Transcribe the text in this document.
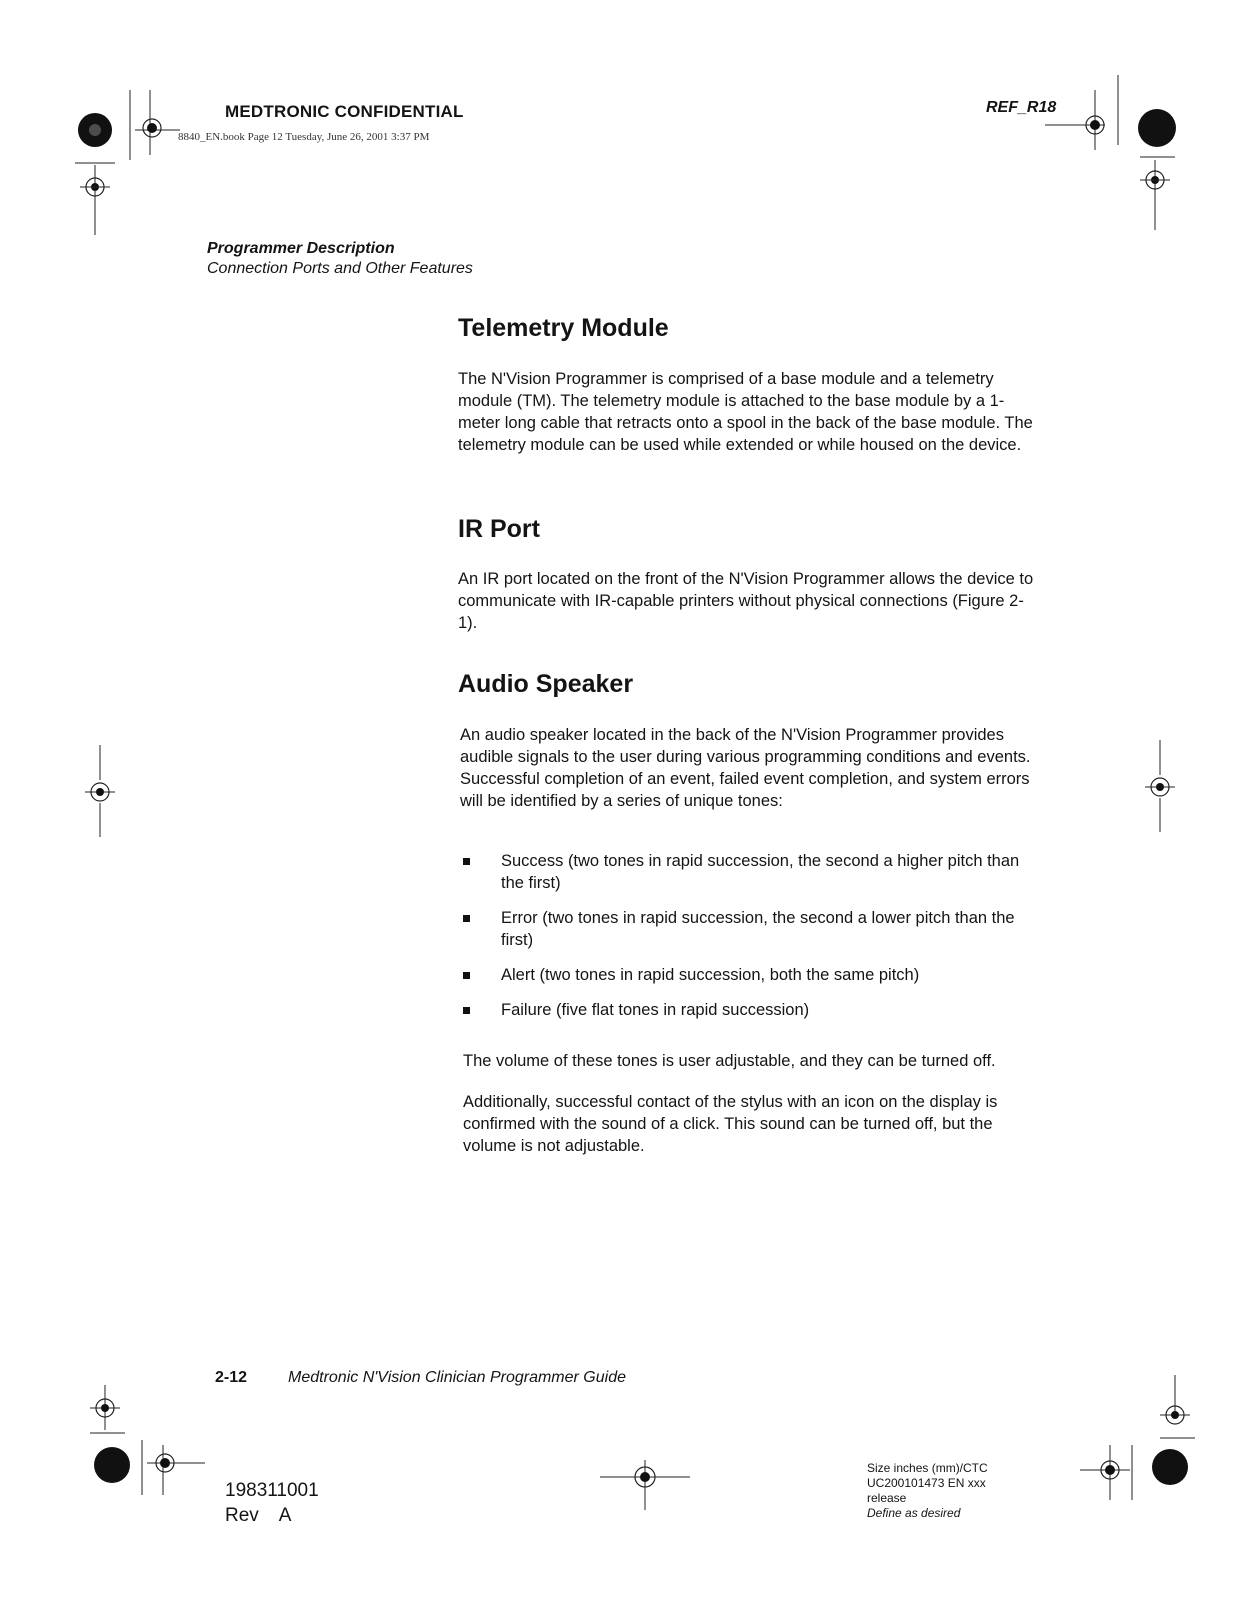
MEDTRONIC CONFIDENTIAL
8840_EN.book Page 12 Tuesday, June 26, 2001 3:37 PM
REF_R18
Programmer Description
Connection Ports and Other Features
Telemetry Module

The N'Vision Programmer is comprised of a base module and a telemetry module (TM). The telemetry module is attached to the base module by a 1-meter long cable that retracts onto a spool in the back of the base module. The telemetry module can be used while extended or while housed on the device.

IR Port

An IR port located on the front of the N'Vision Programmer allows the device to communicate with IR-capable printers without physical connections (Figure 2-1).

Audio Speaker

An audio speaker located in the back of the N'Vision Programmer provides audible signals to the user during various programming conditions and events. Successful completion of an event, failed event completion, and system errors will be identified by a series of unique tones:

Success (two tones in rapid succession, the second a higher pitch than the first)
Error (two tones in rapid succession, the second a lower pitch than the first)
Alert (two tones in rapid succession, both the same pitch)
Failure (five flat tones in rapid succession)

The volume of these tones is user adjustable, and they can be turned off.

Additionally, successful contact of the stylus with an icon on the display is confirmed with the sound of a click. This sound can be turned off, but the volume is not adjustable.

2-12	Medtronic N'Vision Clinician Programmer Guide
198311001
Rev A
Size inches (mm)/CTC
UC200101473 EN xxx
release
Define as desired
